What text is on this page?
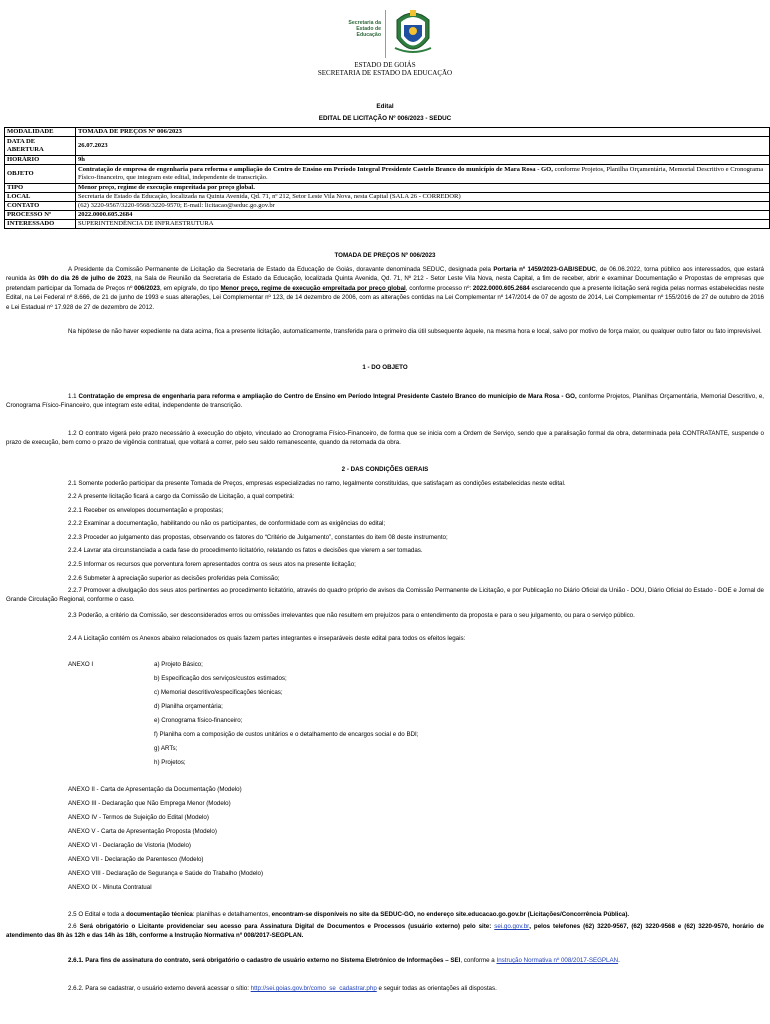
Secretaria da
Estado de
Educação
ESTADO DE GOIÁS
SECRETARIA DE ESTADO DA EDUCAÇÃO
Edital
EDITAL DE LICITAÇÃO Nº 006/2023 - SEDUC
MODALIDADE	TOMADA DE PREÇOS Nº 006/2023
DATA DE ABERTURA	26.07.2023
HORÁRIO	9h
OBJETO	Contratação de empresa de engenharia para reforma e ampliação do Centro de Ensino em Período Integral Presidente Castelo Branco do município de Mara Rosa - GO, conforme Projetos, Planilha Orçamentária, Memorial Descritivo e Cronograma Físico-financeiro, que integram este edital, independente de transcrição.
TIPO	Menor preço, regime de execução empreitada por preço global.
LOCAL	Secretaria de Estado da Educação, localizada na Quinta Avenida, Qd. 71, nº 212, Setor Leste Vila Nova, nesta Capital (SALA 26 - CORREDOR)
CONTATO	(62) 3220-9567/3220-9568/3220-9570; E-mail: licitacao@seduc.go.gov.br
PROCESSO Nº	2022.0000.605.2684
INTERESSADO	SUPERINTENDÊNCIA DE INFRAESTRUTURA
TOMADA DE PREÇOS Nº 006/2023
A Presidente da Comissão Permanente de Licitação da Secretaria de Estado da Educação de Goiás, doravante denominada SEDUC, designada pela Portaria nº 1459/2023-GAB/SEDUC, de 06.06.2022, torna público aos interessados, que estará reunida às 09h do dia 26 de julho de 2023, na Sala de Reunião da Secretaria de Estado da Educação, localizada Quinta Avenida, Qd. 71, Nº 212 - Setor Leste Vila Nova, nesta Capital, a fim de receber, abrir e examinar Documentação e Propostas de empresas que pretendam participar da Tomada de Preços nº 006/2023, em epígrafe, do tipo Menor preço, regime de execução empreitada por preço global, conforme processo nº: 2022.0000.605.2684 esclarecendo que a presente licitação será regida pelas normas estabelecidas neste Edital, na Lei Federal nº 8.666, de 21 de junho de 1993 e suas alterações, Lei Complementar nº 123, de 14 dezembro de 2006, com as alterações contidas na Lei Complementar nº 147/2014 de 07 de agosto de 2014, Lei Complementar nº 155/2016 de 27 de outubro de 2016 e Lei Estadual nº 17.928 de 27 de dezembro de 2012.
Na hipótese de não haver expediente na data acima, fica a presente licitação, automaticamente, transferida para o primeiro dia útil subsequente àquele, na mesma hora e local, salvo por motivo de força maior, ou qualquer outro fator ou fato imprevisível.
1 - DO OBJETO
1.1 Contratação de empresa de engenharia para reforma e ampliação do Centro de Ensino em Período Integral Presidente Castelo Branco do município de Mara Rosa - GO, conforme Projetos, Planilhas Orçamentária, Memorial Descritivo, e, Cronograma Físico-Financeiro, que integram este edital, independente de transcrição.
1.2 O contrato vigerá pelo prazo necessário à execução do objeto, vinculado ao Cronograma Físico-Financeiro, de forma que se inicia com a Ordem de Serviço, sendo que a paralisação formal da obra, determinada pela CONTRATANTE, suspende o prazo de execução, bem como o prazo de vigência contratual, que voltará a correr, pelo seu saldo remanescente, quando da retomada da obra.
2 - DAS CONDIÇÕES GERAIS
2.1 Somente poderão participar da presente Tomada de Preços, empresas especializadas no ramo, legalmente constituídas, que satisfaçam as condições estabelecidas neste edital.
2.2 A presente licitação ficará a cargo da Comissão de Licitação, a qual competirá:
2.2.1 Receber os envelopes documentação e propostas;
2.2.2 Examinar a documentação, habilitando ou não os participantes, de conformidade com as exigências do edital;
2.2.3 Proceder ao julgamento das propostas, observando os fatores do “Critério de Julgamento”, constantes do item 08 deste instrumento;
2.2.4 Lavrar ata circunstanciada a cada fase do procedimento licitatório, relatando os fatos e decisões que vierem a ser tomadas.
2.2.5 Informar os recursos que porventura forem apresentados contra os seus atos na presente licitação;
2.2.6 Submeter à apreciação superior as decisões proferidas pela Comissão;
2.2.7 Promover a divulgação dos seus atos pertinentes ao procedimento licitatório, através do quadro próprio de avisos da Comissão Permanente de Licitação, e por Publicação no Diário Oficial da União - DOU, Diário Oficial do Estado - DOE e Jornal de Grande Circulação Regional, conforme o caso.
2.3 Poderão, a critério da Comissão, ser desconsiderados erros ou omissões irrelevantes que não resultem em prejuízos para o entendimento da proposta e para o seu julgamento, ou para o serviço público.
2.4 A Licitação contém os Anexos abaixo relacionados os quais fazem partes integrantes e inseparáveis deste edital para todos os efeitos legais:
ANEXO I	a) Projeto Básico;
b) Especificação dos serviços/custos estimados;
c) Memorial descritivo/especificações técnicas;
d) Planilha orçamentária;
e) Cronograma físico-financeiro;
f) Planilha com a composição de custos unitários e o detalhamento de encargos social e do BDI;
g) ARTs;
h) Projetos;
ANEXO II - Carta de Apresentação da Documentação (Modelo)
ANEXO III - Declaração que Não Emprega Menor (Modelo)
ANEXO IV - Termos de Sujeição do Edital (Modelo)
ANEXO V - Carta de Apresentação Proposta (Modelo)
ANEXO VI - Declaração de Vistoria (Modelo)
ANEXO VII - Declaração de Parentesco (Modelo)
ANEXO VIII - Declaração de Segurança e Saúde do Trabalho (Modelo)
ANEXO IX - Minuta Contratual
2.5 O Edital e toda a documentação técnica: planilhas e detalhamentos, encontram-se disponíveis no site da SEDUC-GO, no endereço site.educacao.go.gov.br (Licitações/Concorrência Pública).
2.6 Será obrigatório o Licitante providenciar seu acesso para Assinatura Digital de Documentos e Processos (usuário externo) pelo site: sei.go.gov.br, pelos telefones (62) 3220-9567, (62) 3220-9568 e (62) 3220-9570, horário de atendimento das 8h às 12h e das 14h às 18h, conforme a Instrução Normativa nº 008/2017-SEGPLAN.
2.6.1. Para fins de assinatura do contrato, será obrigatório o cadastro de usuário externo no Sistema Eletrônico de Informações – SEI, conforme a Instrução Normativa nº 008/2017-SEGPLAN.
2.6.2. Para se cadastrar, o usuário externo deverá acessar o sítio: http://sei.goias.gov.br/como_se_cadastrar.php e seguir todas as orientações ali dispostas.
